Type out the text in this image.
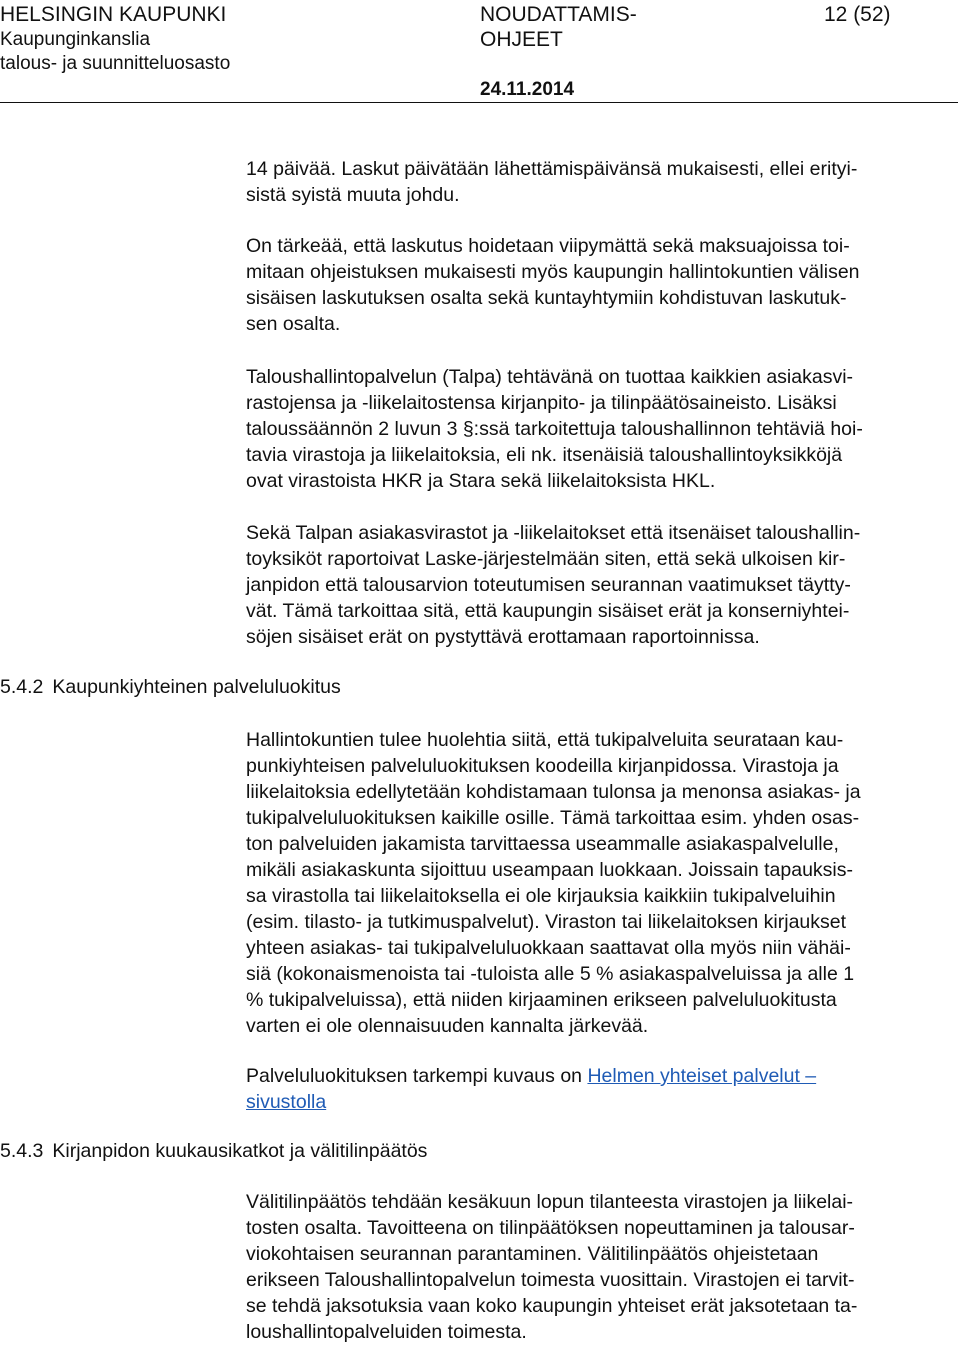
HELSINGIN KAUPUNKI

Kaupunginkanslia

talous- ja suunnitteluosasto

NOUDATTAMIS-

OHJEET

24.11.2014

12 (52)

14 päivää. Laskut päivätään lähettämispäivänsä mukaisesti, ellei erityi-
sistä syistä muuta johdu.

On tärkeää, että laskutus hoidetaan viipymättä sekä maksuajoissa toi-
mitaan ohjeistuksen mukaisesti myös kaupungin hallintokuntien välisen
sisäisen laskutuksen osalta sekä kuntayhtymiin kohdistuvan laskutuk-
sen osalta.

Taloushallintopalvelun (Talpa) tehtävänä on tuottaa kaikkien asiakasvi-
rastojensa ja -liikelaitostensa kirjanpito- ja tilinpäätösaineisto. Lisäksi
taloussäännön 2 luvun 3 §:ssä tarkoitettuja taloushallinnon tehtäviä hoi-
tavia virastoja ja liikelaitoksia, eli nk. itsenäisiä taloushallintoyksikköjä
ovat virastoista HKR ja Stara sekä liikelaitoksista HKL.

Sekä Talpan asiakasvirastot ja -liikelaitokset että itsenäiset taloushallin-
toyksiköt raportoivat Laske-järjestelmään siten, että sekä ulkoisen kir-
janpidon että talousarvion toteutumisen seurannan vaatimukset täytty-
vät. Tämä tarkoittaa sitä, että kaupungin sisäiset erät ja konserniyhtei-
söjen sisäiset erät on pystyttävä erottamaan raportoinnissa.

5.4.2 Kaupunkiyhteinen palveluluokitus

Hallintokuntien tulee huolehtia siitä, että tukipalveluita seurataan kau-
punkiyhteisen palveluluokituksen koodeilla kirjanpidossa. Virastoja ja
liikelaitoksia edellytetään kohdistamaan tulonsa ja menonsa asiakas- ja
tukipalveluluokituksen kaikille osille. Tämä tarkoittaa esim. yhden osas-
ton palveluiden jakamista tarvittaessa useammalle asiakaspalvelulle,
mikäli asiakaskunta sijoittuu useampaan luokkaan. Joissain tapauksis-
sa virastolla tai liikelaitoksella ei ole kirjauksia kaikkiin tukipalveluihin
(esim. tilasto- ja tutkimuspalvelut). Viraston tai liikelaitoksen kirjaukset
yhteen asiakas- tai tukipalveluluokkaan saattavat olla myös niin vähäi-
siä (kokonaismenoista tai -tuloista alle 5 % asiakaspalveluissa ja alle 1
% tukipalveluissa), että niiden kirjaaminen erikseen palveluluokitusta
varten ei ole olennaisuuden kannalta järkevää.

Palveluluokituksen tarkempi kuvaus on Helmen yhteiset palvelut –
sivustolla

5.4.3 Kirjanpidon kuukausikatkot ja välitilinpäätös

Välitilinpäätös tehdään kesäkuun lopun tilanteesta virastojen ja liikelai-
tosten osalta. Tavoitteena on tilinpäätöksen nopeuttaminen ja talousar-
viokohtaisen seurannan parantaminen. Välitilinpäätös ohjeistetaan
erikseen Taloushallintopalvelun toimesta vuosittain. Virastojen ei tarvit-
se tehdä jaksotuksia vaan koko kaupungin yhteiset erät jaksotetaan ta-
loushallintopalveluiden toimesta.
